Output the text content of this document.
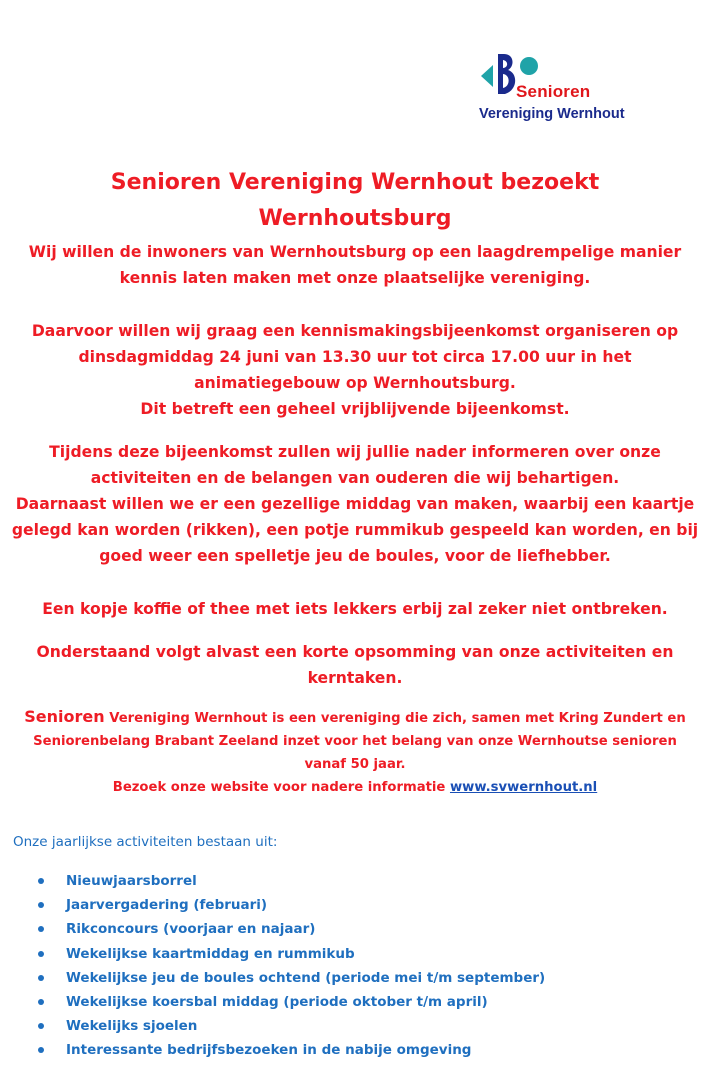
Senioren
Vereniging Wernhout
Senioren Vereniging Wernhout bezoekt
Wernhoutsburg
Wij willen de inwoners van Wernhoutsburg op een laagdrempelige manier
kennis laten maken met onze plaatselijke vereniging.
Daarvoor willen wij graag een kennismakingsbijeenkomst organiseren op
dinsdagmiddag 24 juni van 13.30 uur tot circa 17.00 uur in het
animatiegebouw op Wernhoutsburg.
Dit betreft een geheel vrijblijvende bijeenkomst.
Tijdens deze bijeenkomst zullen wij jullie nader informeren over onze
activiteiten en de belangen van ouderen die wij behartigen.
Daarnaast willen we er een gezellige middag van maken, waarbij een kaartje
gelegd kan worden (rikken), een potje rummikub gespeeld kan worden, en bij
goed weer een spelletje jeu de boules, voor de liefhebber.
Een kopje koffie of thee met iets lekkers erbij zal zeker niet ontbreken.
Onderstaand volgt alvast een korte opsomming van onze activiteiten en
kerntaken.
Senioren Vereniging Wernhout is een vereniging die zich, samen met Kring Zundert en
Seniorenbelang Brabant Zeeland inzet voor het belang van onze Wernhoutse senioren
vanaf 50 jaar.
Bezoek onze website voor nadere informatie www.svwernhout.nl
Onze jaarlijkse activiteiten bestaan uit:
Nieuwjaarsborrel
Jaarvergadering (februari)
Rikconcours (voorjaar en najaar)
Wekelijkse kaartmiddag en rummikub
Wekelijkse jeu de boules ochtend (periode mei t/m september)
Wekelijkse koersbal middag (periode oktober t/m april)
Wekelijks sjoelen
Interessante bedrijfsbezoeken in de nabije omgeving
